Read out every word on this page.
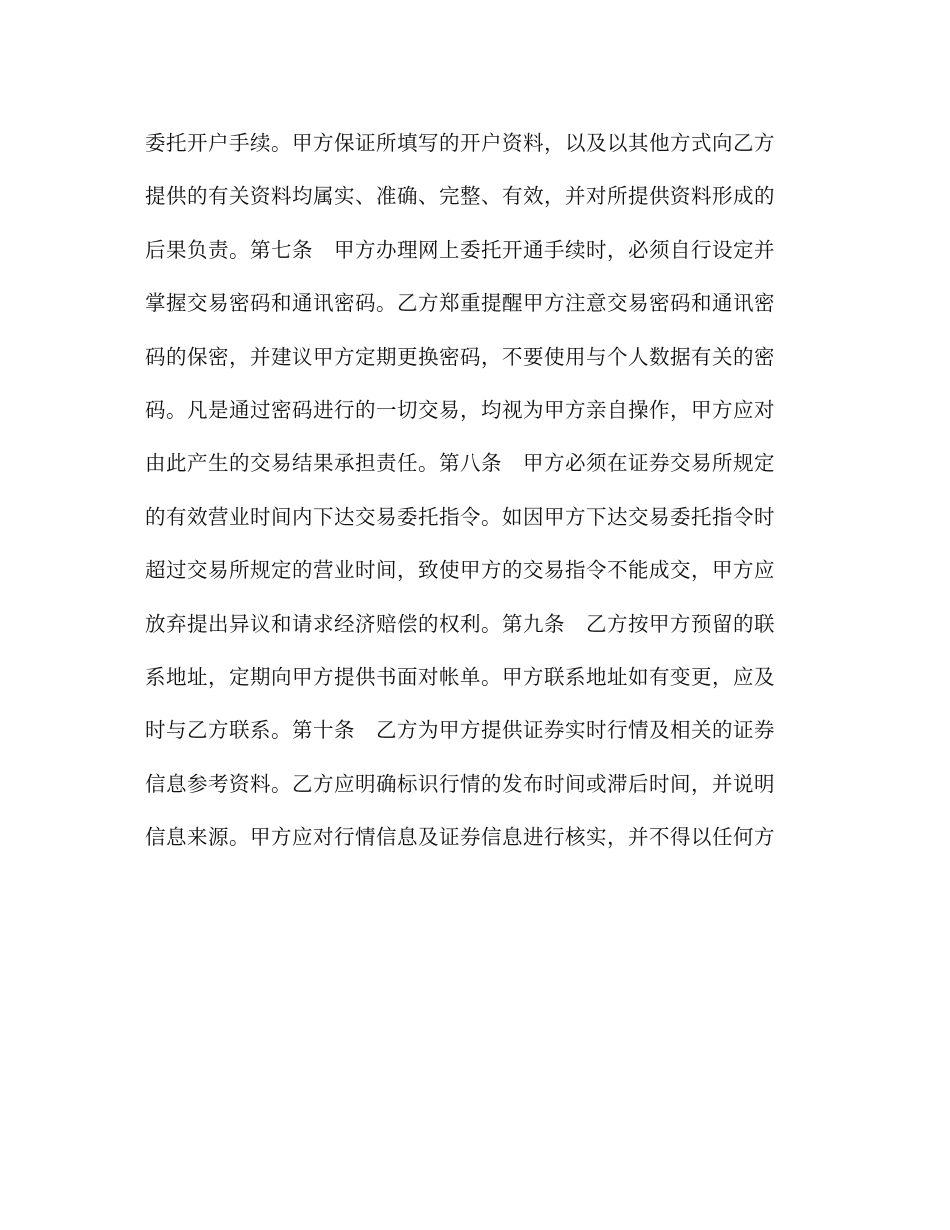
委托开户手续。甲方保证所填写的开户资料，以及以其他方式向乙方
提供的有关资料均属实、准确、完整、有效，并对所提供资料形成的
后果负责。第七条　甲方办理网上委托开通手续时，必须自行设定并
掌握交易密码和通讯密码。乙方郑重提醒甲方注意交易密码和通讯密
码的保密，并建议甲方定期更换密码，不要使用与个人数据有关的密
码。凡是通过密码进行的一切交易，均视为甲方亲自操作，甲方应对
由此产生的交易结果承担责任。第八条　甲方必须在证券交易所规定
的有效营业时间内下达交易委托指令。如因甲方下达交易委托指令时
超过交易所规定的营业时间，致使甲方的交易指令不能成交，甲方应
放弃提出异议和请求经济赔偿的权利。第九条　乙方按甲方预留的联
系地址，定期向甲方提供书面对帐单。甲方联系地址如有变更，应及
时与乙方联系。第十条　乙方为甲方提供证券实时行情及相关的证券
信息参考资料。乙方应明确标识行情的发布时间或滞后时间，并说明
信息来源。甲方应对行情信息及证券信息进行核实，并不得以任何方
